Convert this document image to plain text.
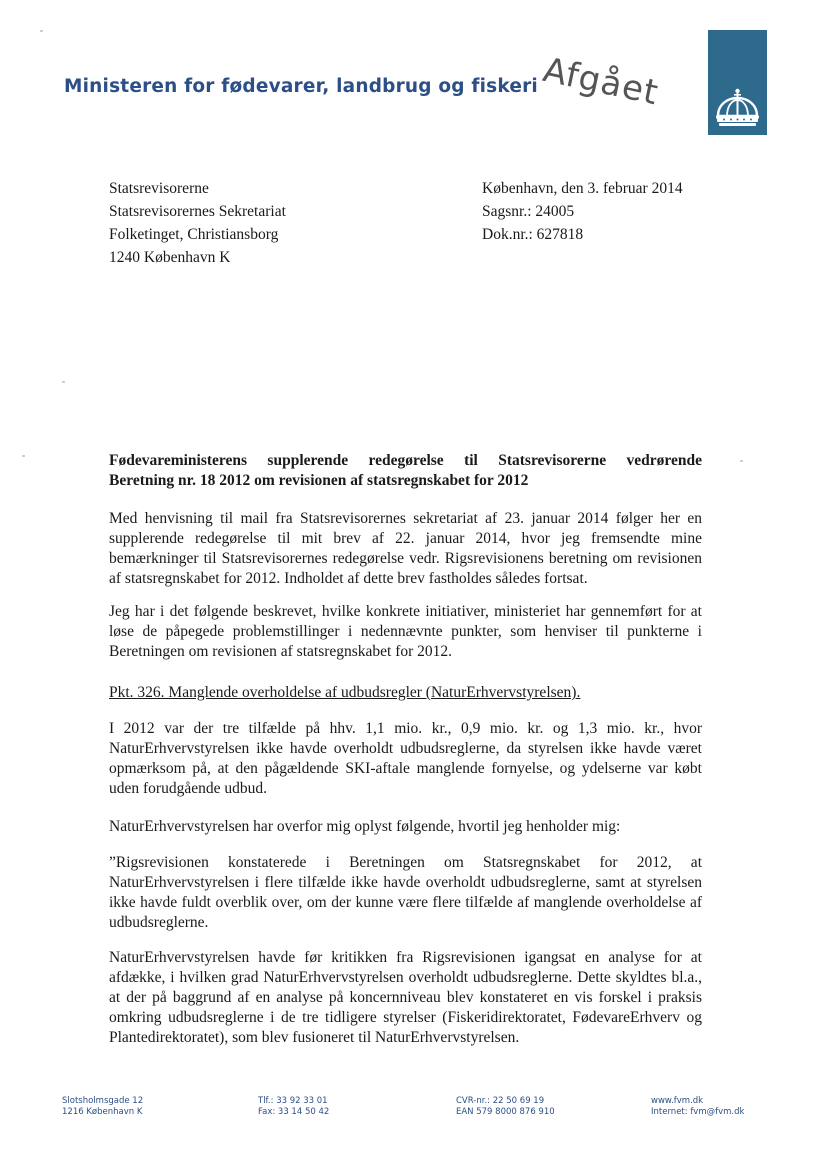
Ministeren for fødevarer, landbrug og fiskeri Afgået
Statsrevisorerne
Statsrevisorernes Sekretariat
Folketinget, Christiansborg
1240 København K
København, den 3. februar 2014
Sagsnr.: 24005
Dok.nr.: 627818
Fødevareministerens supplerende redegørelse til Statsrevisorerne vedrørende
Beretning nr. 18 2012 om revisionen af statsregnskabet for 2012
Med henvisning til mail fra Statsrevisorernes sekretariat af 23. januar 2014 følger her en supplerende redegørelse til mit brev af 22. januar 2014, hvor jeg fremsendte mine bemærkninger til Statsrevisorernes redegørelse vedr. Rigsrevisionens beretning om revisionen af statsregnskabet for 2012. Indholdet af dette brev fastholdes således fortsat.
Jeg har i det følgende beskrevet, hvilke konkrete initiativer, ministeriet har gennemført for at løse de påpegede problemstillinger i nedennævnte punkter, som henviser til punkterne i Beretningen om revisionen af statsregnskabet for 2012.
Pkt. 326. Manglende overholdelse af udbudsregler (NaturErhvervstyrelsen).
I 2012 var der tre tilfælde på hhv. 1,1 mio. kr., 0,9 mio. kr. og 1,3 mio. kr., hvor NaturErhvervstyrelsen ikke havde overholdt udbudsreglerne, da styrelsen ikke havde været opmærksom på, at den pågældende SKI-aftale manglende fornyelse, og ydelserne var købt uden forudgående udbud.
NaturErhvervstyrelsen har overfor mig oplyst følgende, hvortil jeg henholder mig:
”Rigsrevisionen konstaterede i Beretningen om Statsregnskabet for 2012, at NaturErhvervstyrelsen i flere tilfælde ikke havde overholdt udbudsreglerne, samt at styrelsen ikke havde fuldt overblik over, om der kunne være flere tilfælde af manglende overholdelse af udbudsreglerne.
NaturErhvervstyrelsen havde før kritikken fra Rigsrevisionen igangsat en analyse for at afdække, i hvilken grad NaturErhvervstyrelsen overholdt udbudsreglerne. Dette skyldtes bl.a., at der på baggrund af en analyse på koncernniveau blev konstateret en vis forskel i praksis omkring udbudsreglerne i de tre tidligere styrelser (Fiskeridirektoratet, FødevareErhverv og Plantedirektoratet), som blev fusioneret til NaturErhvervstyrelsen.
Slotsholmsgade 12
1216 København K
Tlf.: 33 92 33 01
Fax: 33 14 50 42
CVR-nr.: 22 50 69 19
EAN 579 8000 876 910
www.fvm.dk
Internet: fvm@fvm.dk
